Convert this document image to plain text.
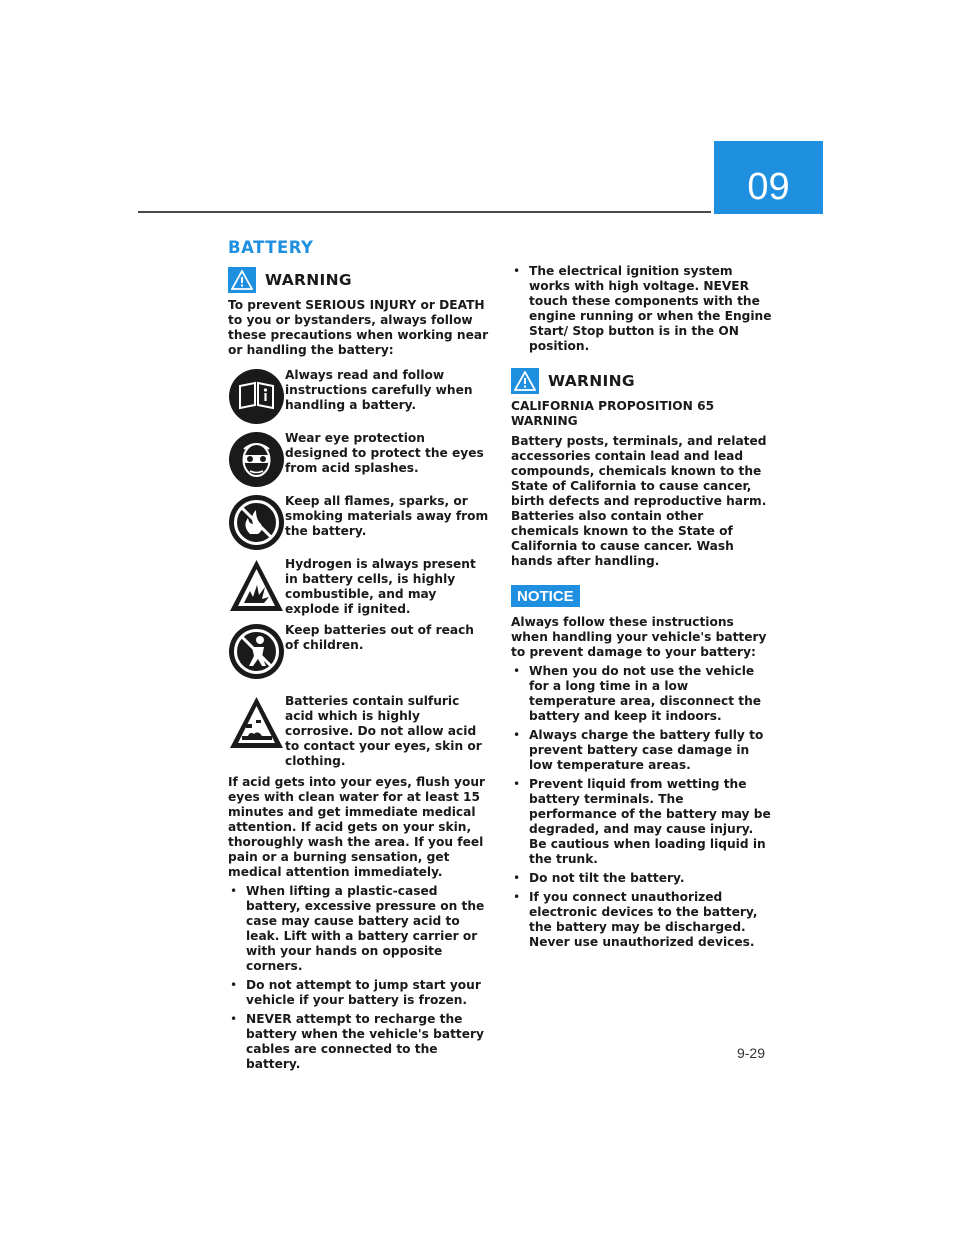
09
BATTERY
WARNING

To prevent SERIOUS INJURY or DEATH to you or bystanders, always follow these precautions when working near or handling the battery:

Always read and follow instructions carefully when handling a battery.

Wear eye protection designed to protect the eyes from acid splashes.

Keep all flames, sparks, or smoking materials away from the battery.

Hydrogen is always present in battery cells, is highly combustible, and may explode if ignited.

Keep batteries out of reach of children.

Batteries contain sulfuric acid which is highly corrosive. Do not allow acid to contact your eyes, skin or clothing.

If acid gets into your eyes, flush your eyes with clean water for at least 15 minutes and get immediate medical attention. If acid gets on your skin, thoroughly wash the area. If you feel pain or a burning sensation, get medical attention immediately.

• When lifting a plastic-cased battery, excessive pressure on the case may cause battery acid to leak. Lift with a battery carrier or with your hands on opposite corners.
• Do not attempt to jump start your vehicle if your battery is frozen.
• NEVER attempt to recharge the battery when the vehicle's battery cables are connected to the battery.
• The electrical ignition system works with high voltage. NEVER touch these components with the engine running or when the Engine Start/ Stop button is in the ON position.
WARNING

CALIFORNIA PROPOSITION 65 WARNING

Battery posts, terminals, and related accessories contain lead and lead compounds, chemicals known to the State of California to cause cancer, birth defects and reproductive harm. Batteries also contain other chemicals known to the State of California to cause cancer. Wash hands after handling.

NOTICE

Always follow these instructions when handling your vehicle's battery to prevent damage to your battery:

• When you do not use the vehicle for a long time in a low temperature area, disconnect the battery and keep it indoors.
• Always charge the battery fully to prevent battery case damage in low temperature areas.
• Prevent liquid from wetting the battery terminals. The performance of the battery may be degraded, and may cause injury. Be cautious when loading liquid in the trunk.
• Do not tilt the battery.
• If you connect unauthorized electronic devices to the battery, the battery may be discharged. Never use unauthorized devices.
9-29
